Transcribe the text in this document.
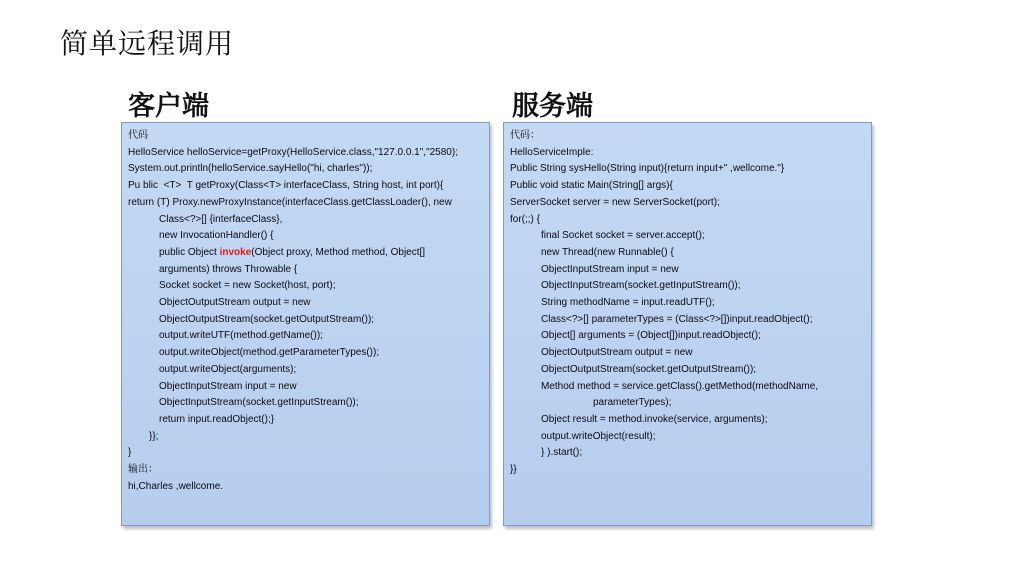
简单远程调用
客户端	服务端
代码
HelloService helloService=getProxy(HelloService.class,"127.0.0.1","2580);
System.out.println(helloService.sayHello("hi, charles"));
Pu blic  <T>  T getProxy(Class<T> interfaceClass, String host, int port){
return (T) Proxy.newProxyInstance(interfaceClass.getClassLoader(), new
Class<?>[] {interfaceClass},
new InvocationHandler() {
public Object invoke(Object proxy, Method method, Object[]
arguments) throws Throwable {
Socket socket = new Socket(host, port);
ObjectOutputStream output = new
ObjectOutputStream(socket.getOutputStream());
output.writeUTF(method.getName());
output.writeObject(method.getParameterTypes());
output.writeObject(arguments);
ObjectInputStream input = new
ObjectInputStream(socket.getInputStream());
return input.readObject();}
}};
}
输出：
hi,Charles ,wellcome.
代码：
HelloServiceImple:
Public String sysHello(String input){return input+" ,wellcome."}
Public void static Main(String[] args){
ServerSocket server = new ServerSocket(port);
for(;;) {
final Socket socket = server.accept();
new Thread(new Runnable() {
ObjectInputStream input = new
ObjectInputStream(socket.getInputStream());
String methodName = input.readUTF();
Class<?>[] parameterTypes = (Class<?>[])input.readObject();
Object[] arguments = (Object[])input.readObject();
ObjectOutputStream output = new
ObjectOutputStream(socket.getOutputStream());
Method method = service.getClass().getMethod(methodName,
parameterTypes);
Object result = method.invoke(service, arguments);
output.writeObject(result);
} ).start();
}}
